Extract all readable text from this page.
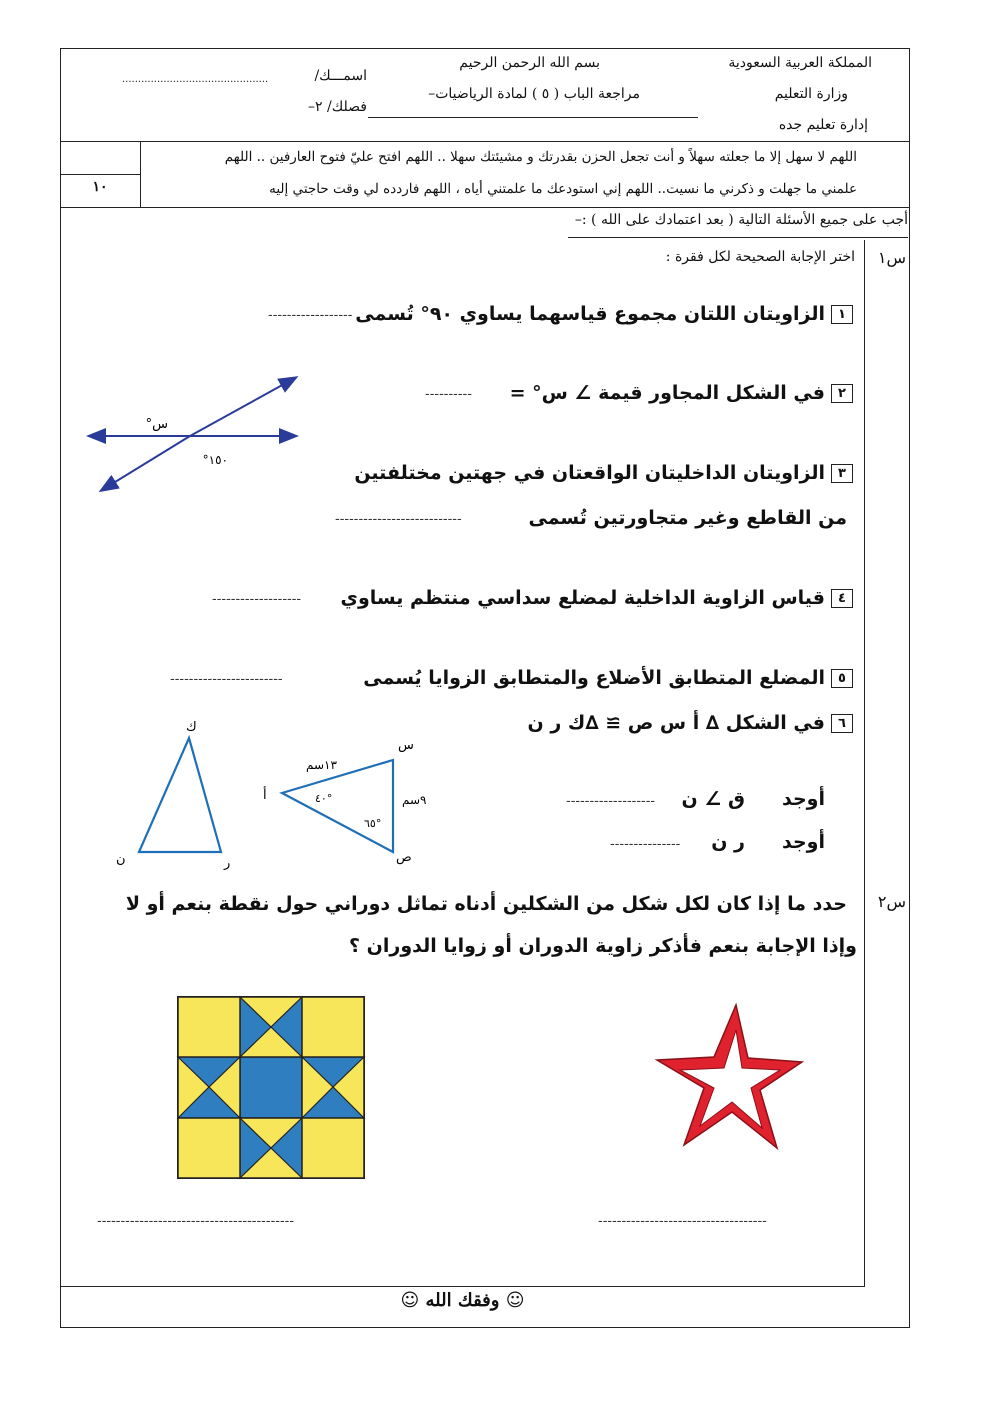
المملكة العربية السعودية
وزارة التعليم
إدارة تعليم جده
بسم الله الرحمن الرحيم
مراجعة الباب ( ٥ ) لمادة الرياضيات–
اسمـــك/
..............................................
فصلك/ ٢–
اللهم لا سهل إلا ما جعلته سهلاً و أنت تجعل الحزن بقدرتك و مشيئتك سهلا .. اللهم افتح عليّ فتوح العارفين .. اللهم
علمني ما جهلت و ذكرني ما نسيت.. اللهم إني استودعك ما علمتني أياه ، اللهم فاردده لي وقت حاجتي إليه
١٠
أجب على جميع الأسئلة التالية ( بعد اعتمادك على الله ) :–
س١
اختر الإجابة الصحيحة لكل فقرة :
١الزاويتان اللتان مجموع قياسهما يساوي ٩٠° تُسمى
------------------
٢في الشكل المجاور قيمة ∠ س° =
----------
س°
١٥٠°
٣الزاويتان الداخليتان الواقعتان في جهتين مختلفتين
من القاطع وغير متجاورتين تُسمى
---------------------------
٤قياس الزاوية الداخلية لمضلع سداسي منتظم يساوي
-------------------
٥المضلع المتطابق الأضلاع والمتطابق الزوايا يُسمى
------------------------
٦في الشكل ∆ أ س ص ≅ ∆ك ر ن
ك
ن	ر
س
أ
ص
١٣سم
٩سم
٤٠°
٦٥°
أوجد
ق ∠ ن
-------------------
أوجد
ر ن
---------------
س٢
حدد ما إذا كان لكل شكل من الشكلين أدناه تماثل دوراني حول نقطة بنعم أو لا
وإذا الإجابة بنعم فأذكر زاوية الدوران أو زوايا الدوران ؟
------------------------------------------	------------------------------------
☺ وفقك الله ☺
